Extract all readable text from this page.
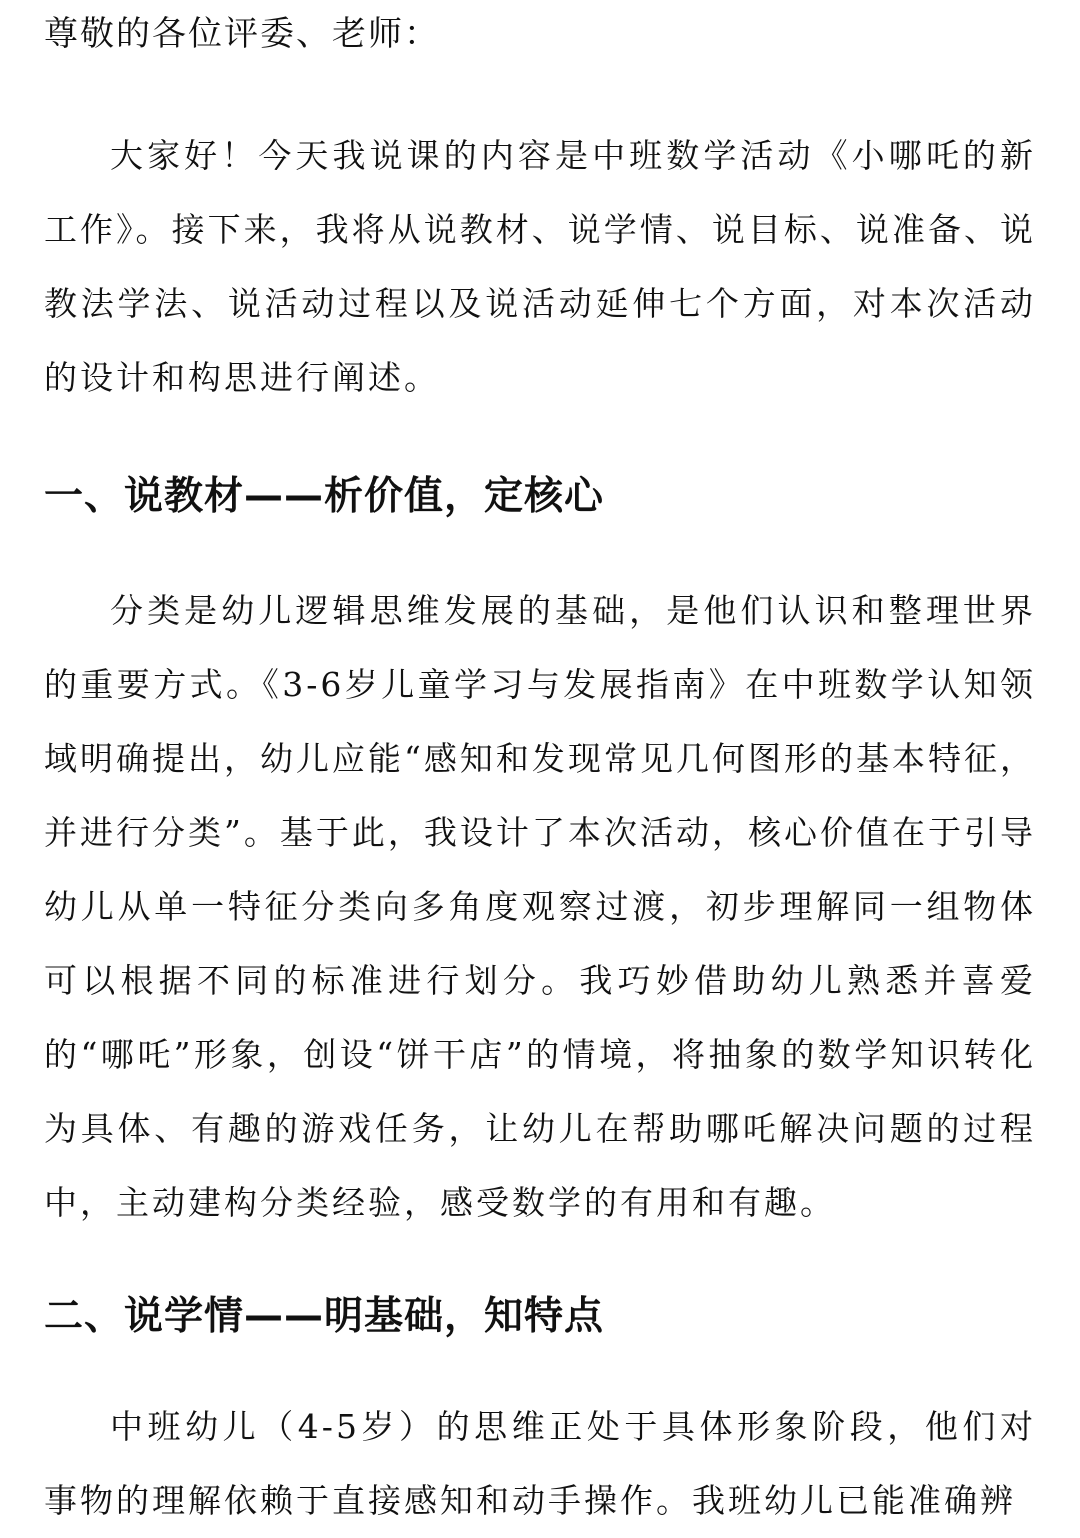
尊敬的各位评委、老师：

大家好！今天我说课的内容是中班数学活动《小哪吒的新工作》。接下来，我将从说教材、说学情、说目标、说准备、说教法学法、说活动过程以及说活动延伸七个方面，对本次活动的设计和构思进行阐述。

一、说教材——析价值，定核心

分类是幼儿逻辑思维发展的基础，是他们认识和整理世界的重要方式。《3-6岁儿童学习与发展指南》在中班数学认知领域明确提出，幼儿应能“感知和发现常见几何图形的基本特征，并进行分类”。基于此，我设计了本次活动，核心价值在于引导幼儿从单一特征分类向多角度观察过渡，初步理解同一组物体可以根据不同的标准进行划分。我巧妙借助幼儿熟悉并喜爱的“哪吒”形象，创设“饼干店”的情境，将抽象的数学知识转化为具体、有趣的游戏任务，让幼儿在帮助哪吒解决问题的过程中，主动建构分类经验，感受数学的有用和有趣。

二、说学情——明基础，知特点

中班幼儿（4-5岁）的思维正处于具体形象阶段，他们对事物的理解依赖于直接感知和动手操作。我班幼儿已能准确辨
